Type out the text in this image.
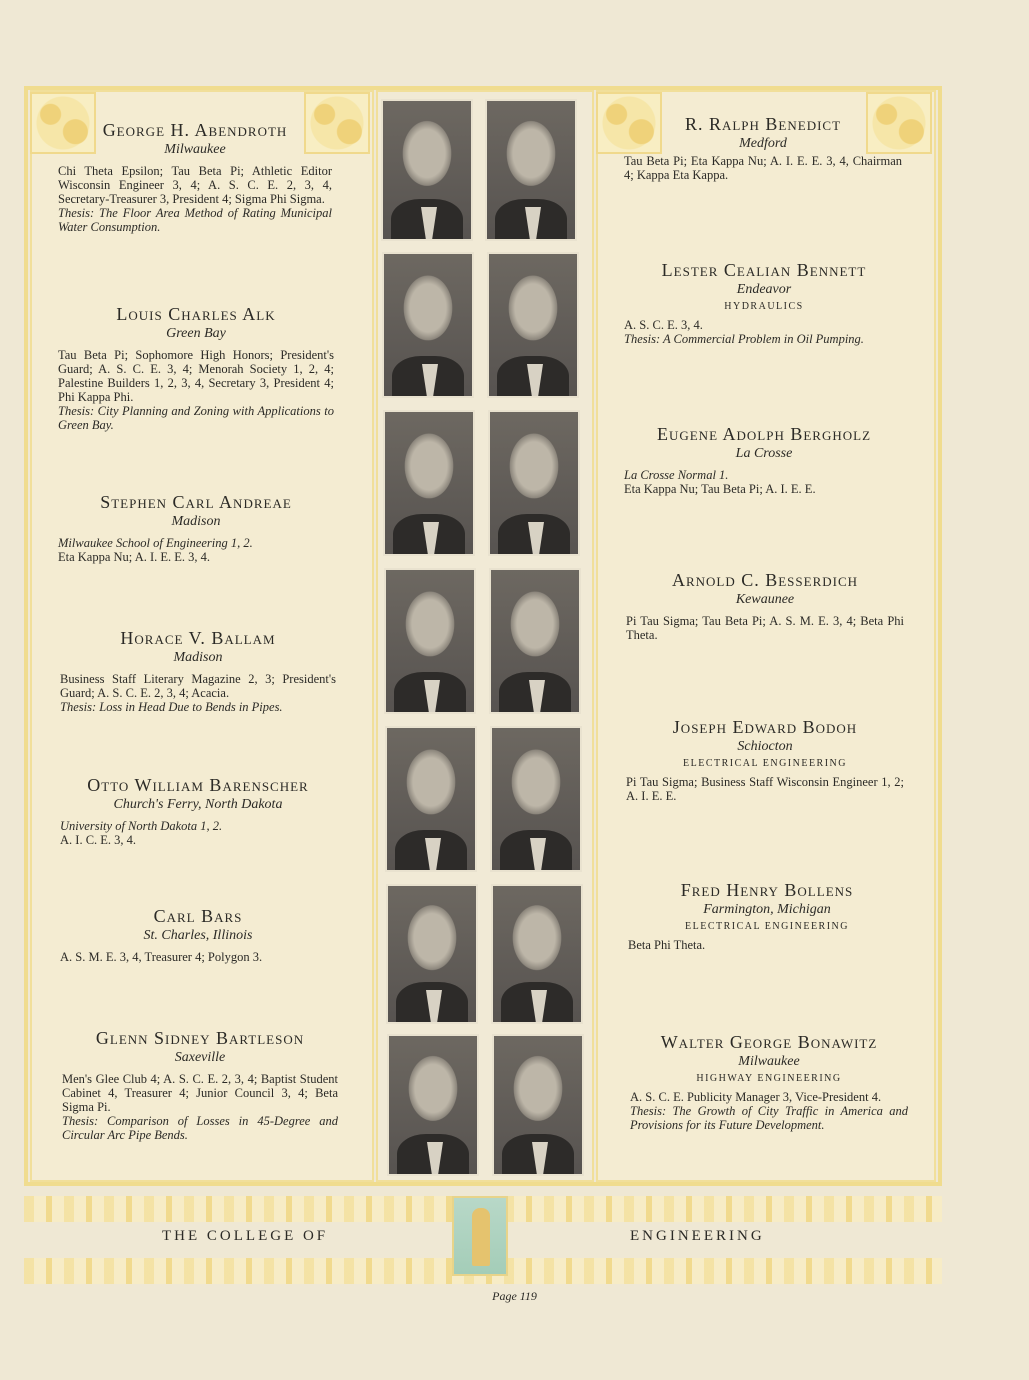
George H. Abendroth
Milwaukee
Chi Theta Epsilon; Tau Beta Pi; Athletic Editor Wisconsin Engineer 3, 4; A. S. C. E. 2, 3, 4, Secretary-Treasurer 3, President 4; Sigma Phi Sigma.
Thesis: The Floor Area Method of Rating Municipal Water Consumption.
Louis Charles Alk
Green Bay
Tau Beta Pi; Sophomore High Honors; President's Guard; A. S. C. E. 3, 4; Menorah Society 1, 2, 4; Palestine Builders 1, 2, 3, 4, Secretary 3, President 4; Phi Kappa Phi.
Thesis: City Planning and Zoning with Applications to Green Bay.
Stephen Carl Andreae
Madison
Milwaukee School of Engineering 1, 2.
Eta Kappa Nu; A. I. E. E. 3, 4.
Horace V. Ballam
Madison
Business Staff Literary Magazine 2, 3; President's Guard; A. S. C. E. 2, 3, 4; Acacia.
Thesis: Loss in Head Due to Bends in Pipes.
Otto William Barenscher
Church's Ferry, North Dakota
University of North Dakota 1, 2.
A. I. C. E. 3, 4.
Carl Bars
St. Charles, Illinois
A. S. M. E. 3, 4, Treasurer 4; Polygon 3.
Glenn Sidney Bartleson
Saxeville
Men's Glee Club 4; A. S. C. E. 2, 3, 4; Baptist Student Cabinet 4, Treasurer 4; Junior Council 3, 4; Beta Sigma Pi.
Thesis: Comparison of Losses in 45-Degree and Circular Arc Pipe Bends.
R. Ralph Benedict
Medford
Tau Beta Pi; Eta Kappa Nu; A. I. E. E. 3, 4, Chairman 4; Kappa Eta Kappa.
Lester Cealian Bennett
Endeavor
HYDRAULICS
A. S. C. E. 3, 4.
Thesis: A Commercial Problem in Oil Pumping.
Eugene Adolph Bergholz
La Crosse
La Crosse Normal 1.
Eta Kappa Nu; Tau Beta Pi; A. I. E. E.
Arnold C. Besserdich
Kewaunee
Pi Tau Sigma; Tau Beta Pi; A. S. M. E. 3, 4; Beta Phi Theta.
Joseph Edward Bodoh
Schiocton
ELECTRICAL ENGINEERING
Pi Tau Sigma; Business Staff Wisconsin Engineer 1, 2; A. I. E. E.
Fred Henry Bollens
Farmington, Michigan
ELECTRICAL ENGINEERING
Beta Phi Theta.
Walter George Bonawitz
Milwaukee
HIGHWAY ENGINEERING
A. S. C. E. Publicity Manager 3, Vice-President 4.
Thesis: The Growth of City Traffic in America and Provisions for its Future Development.
THE COLLEGE OF	ENGINEERING
Page 119
